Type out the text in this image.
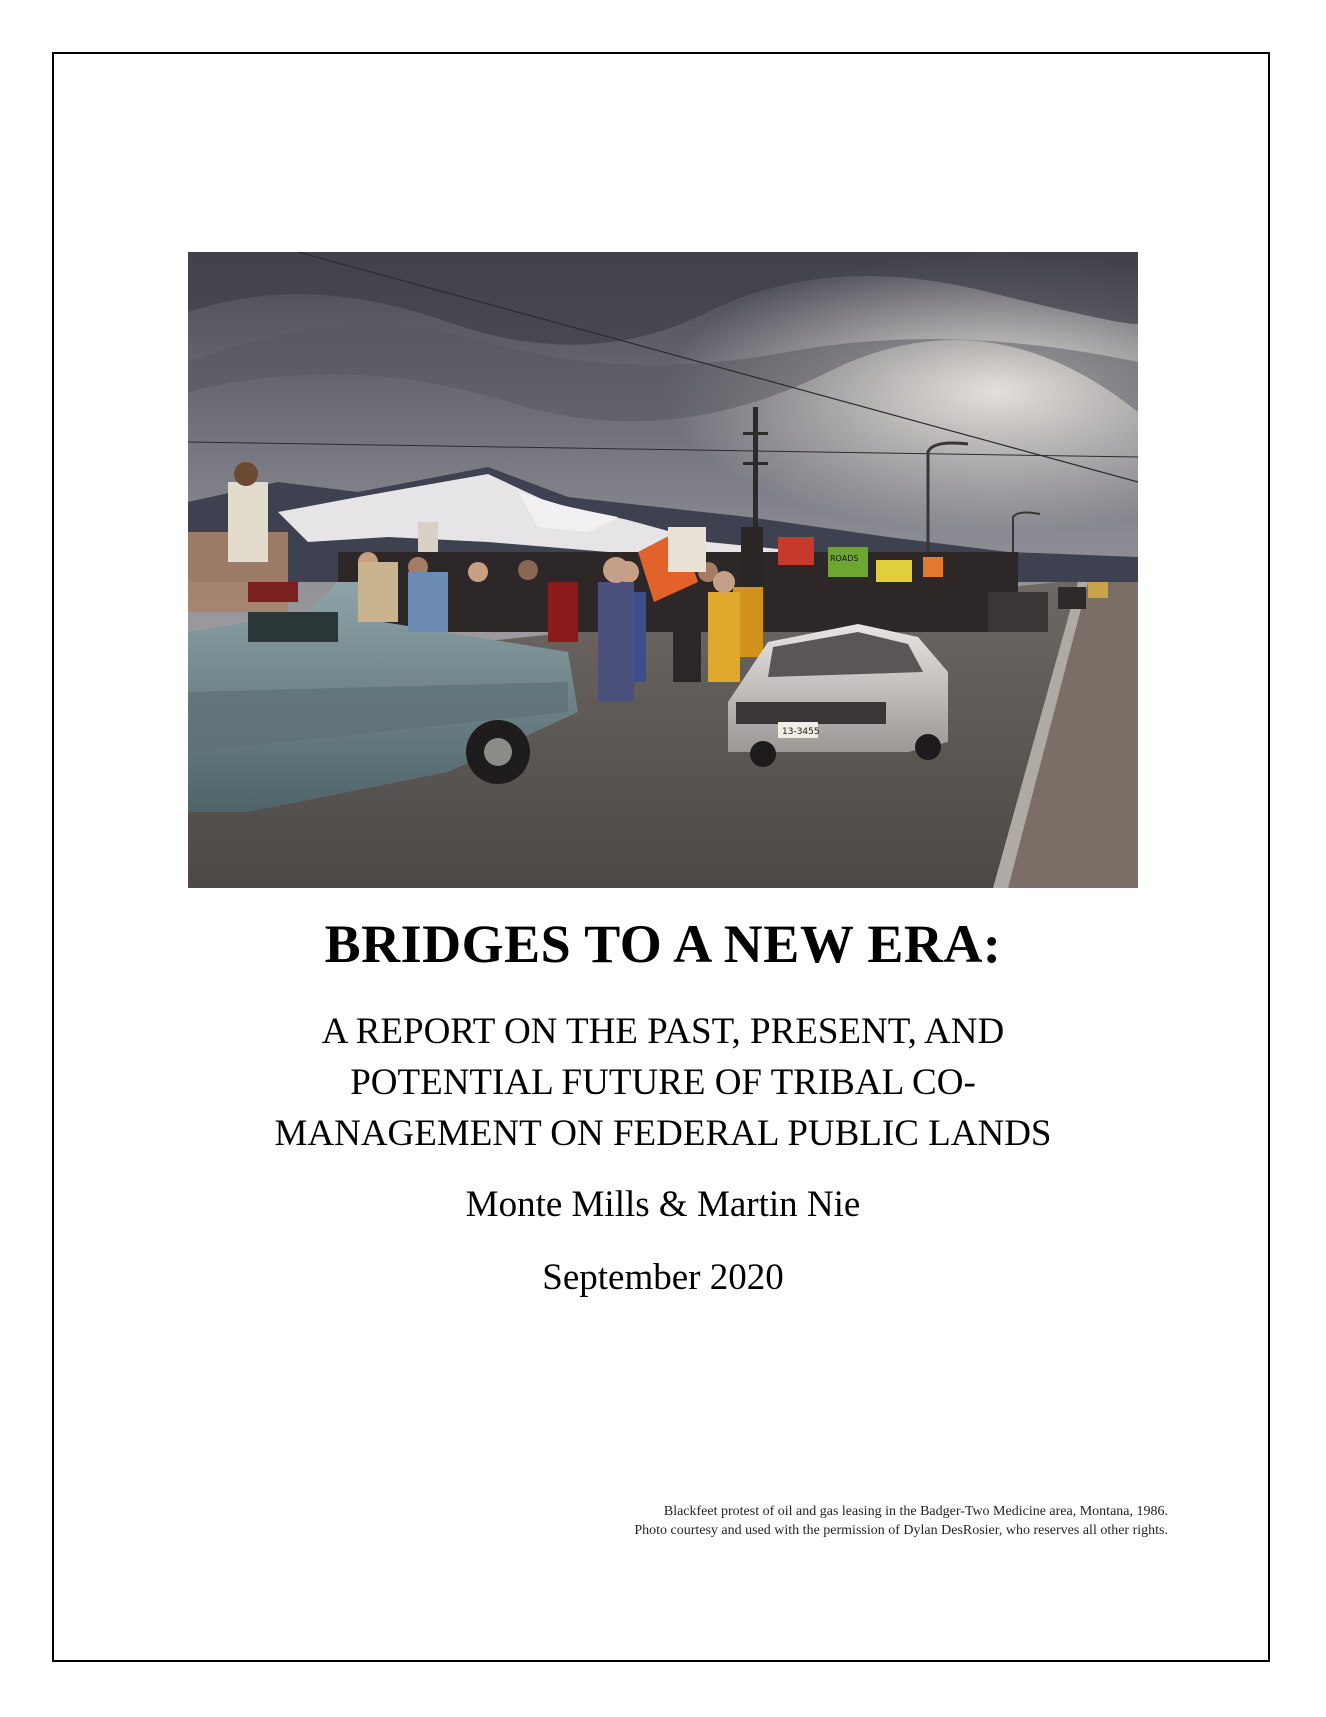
ROADS
13-3455
BRIDGES TO A NEW ERA:
A REPORT ON THE PAST, PRESENT, AND
POTENTIAL FUTURE OF TRIBAL CO-
MANAGEMENT ON FEDERAL PUBLIC LANDS
Monte Mills & Martin Nie
September 2020
Blackfeet protest of oil and gas leasing in the Badger-Two Medicine area, Montana, 1986.
Photo courtesy and used with the permission of Dylan DesRosier, who reserves all other rights.
